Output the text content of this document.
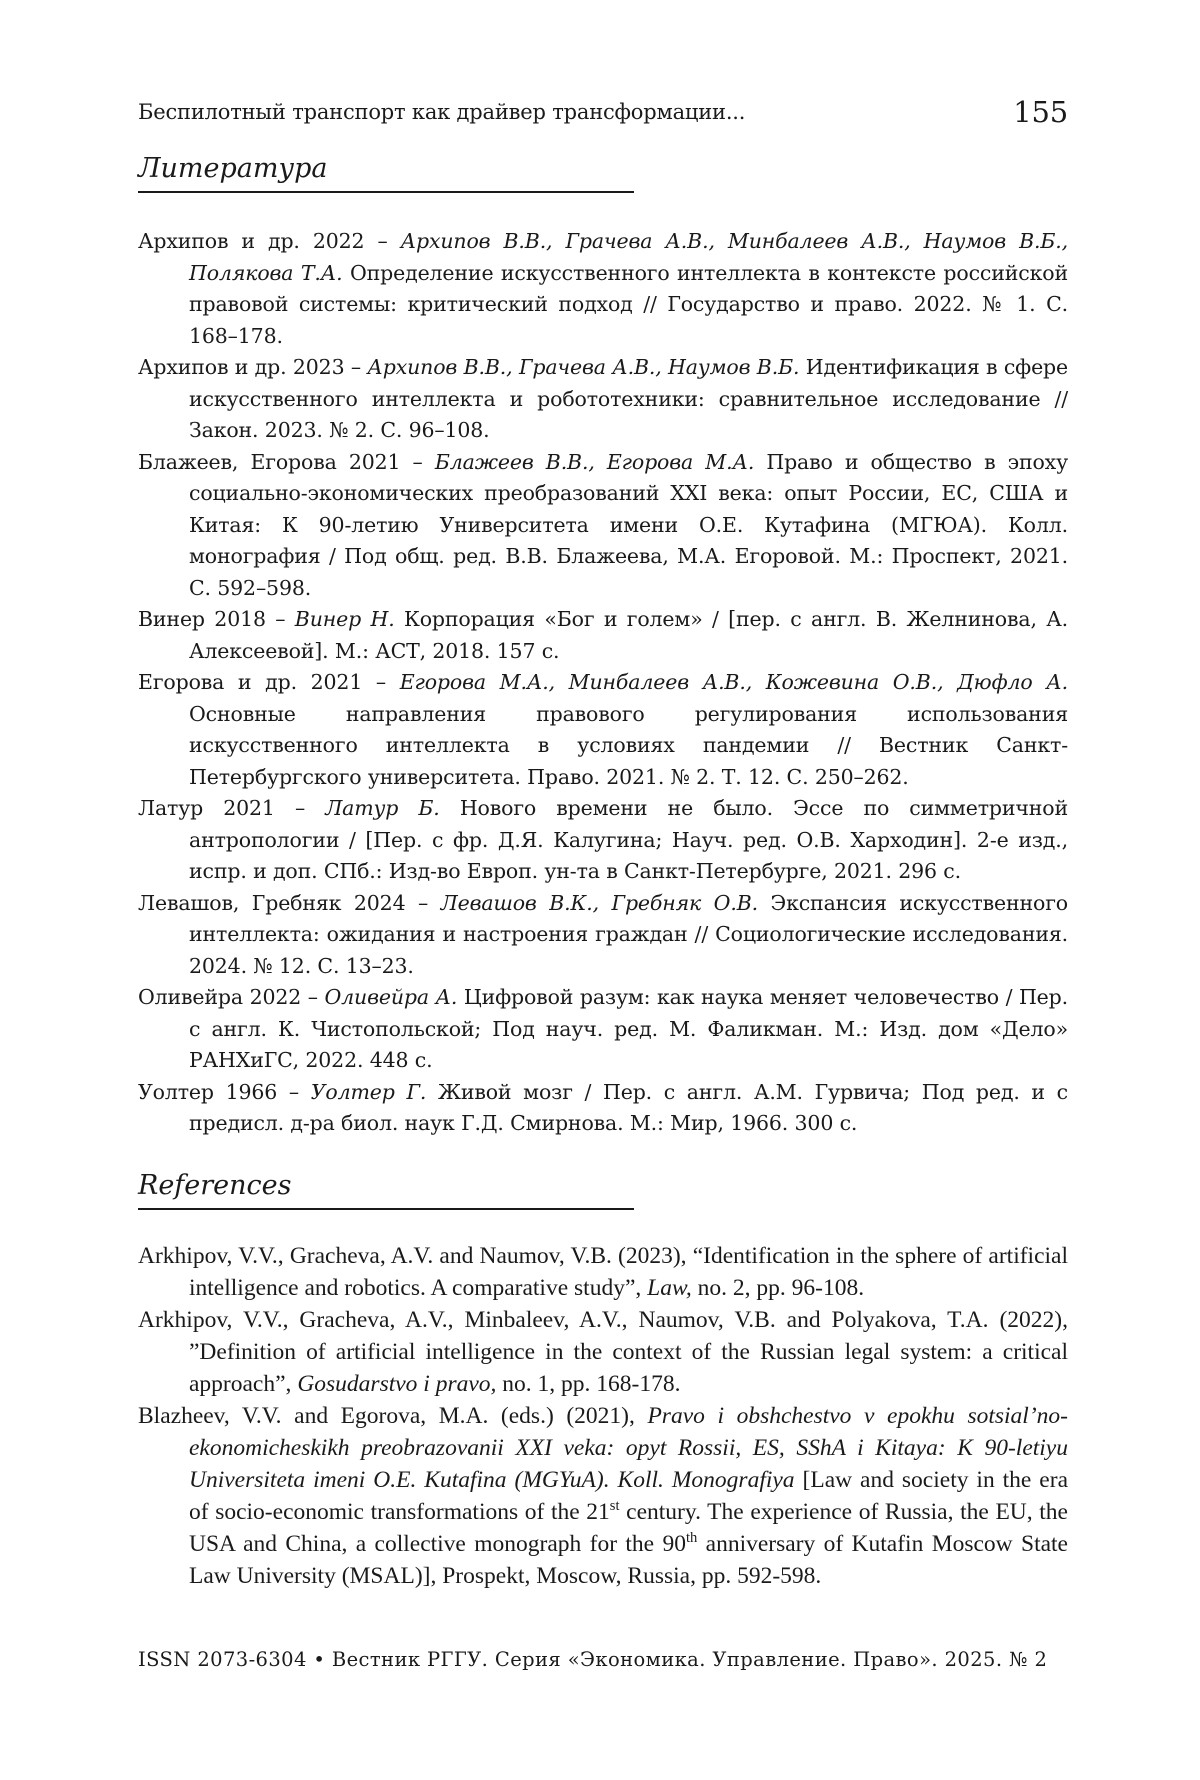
Беспилотный транспорт как драйвер трансформации...	155
Литература
Архипов и др. 2022 – Архипов В.В., Грачева А.В., Минбалеев А.В., Наумов В.Б., Полякова Т.А. Определение искусственного интеллекта в контексте российской правовой системы: критический подход // Государство и право. 2022. № 1. С. 168–178.
Архипов и др. 2023 – Архипов В.В., Грачева А.В., Наумов В.Б. Идентификация в сфере искусственного интеллекта и робототехники: сравнительное исследование // Закон. 2023. № 2. С. 96–108.
Блажеев, Егорова 2021 – Блажеев В.В., Егорова М.А. Право и общество в эпоху социально-экономических преобразований XXI века: опыт России, ЕС, США и Китая: К 90-летию Университета имени О.Е. Кутафина (МГЮА). Колл. монография / Под общ. ред. В.В. Блажеева, М.А. Егоровой. М.: Проспект, 2021. С. 592–598.
Винер 2018 – Винер Н. Корпорация «Бог и голем» / [пер. с англ. В. Желнинова, А. Алексеевой]. М.: АСТ, 2018. 157 с.
Егорова и др. 2021 – Егорова М.А., Минбалеев А.В., Кожевина О.В., Дюфло А. Основные направления правового регулирования использования искусственного интеллекта в условиях пандемии // Вестник Санкт-Петербургского университета. Право. 2021. № 2. Т. 12. С. 250–262.
Латур 2021 – Латур Б. Нового времени не было. Эссе по симметричной антропологии / [Пер. с фр. Д.Я. Калугина; Науч. ред. О.В. Харходин]. 2-е изд., испр. и доп. СПб.: Изд-во Европ. ун-та в Санкт-Петербурге, 2021. 296 с.
Левашов, Гребняк 2024 – Левашов В.К., Гребняк О.В. Экспансия искусственного интеллекта: ожидания и настроения граждан // Социологические исследования. 2024. № 12. С. 13–23.
Оливейра 2022 – Оливейра А. Цифровой разум: как наука меняет человечество / Пер. с англ. К. Чистопольской; Под науч. ред. М. Фаликман. М.: Изд. дом «Дело» РАНХиГС, 2022. 448 с.
Уолтер 1966 – Уолтер Г. Живой мозг / Пер. с англ. А.М. Гурвича; Под ред. и с предисл. д-ра биол. наук Г.Д. Смирнова. М.: Мир, 1966. 300 с.
References
Arkhipov, V.V., Gracheva, A.V. and Naumov, V.B. (2023), “Identification in the sphere of artificial intelligence and robotics. A comparative study”, Law, no. 2, pp. 96-108.
Arkhipov, V.V., Gracheva, A.V., Minbaleev, A.V., Naumov, V.B. and Polyakova, T.A. (2022), ”Definition of artificial intelligence in the context of the Russian legal system: a critical approach”, Gosudarstvo i pravo, no. 1, pp. 168-178.
Blazheev, V.V. and Egorova, M.A. (eds.) (2021), Pravo i obshchestvo v epokhu sotsial’no-ekonomicheskikh preobrazovanii XXI veka: opyt Rossii, ES, SShA i Kitaya: K 90-letiyu Universiteta imeni O.E. Kutafina (MGYuA). Koll. Monografiya [Law and society in the era of socio-economic transformations of the 21st century. The experience of Russia, the EU, the USA and China, a collective monograph for the 90th anniversary of Kutafin Moscow State Law University (MSAL)], Prospekt, Moscow, Russia, pp. 592-598.
ISSN 2073-6304 • Вестник РГГУ. Серия «Экономика. Управление. Право». 2025. № 2
